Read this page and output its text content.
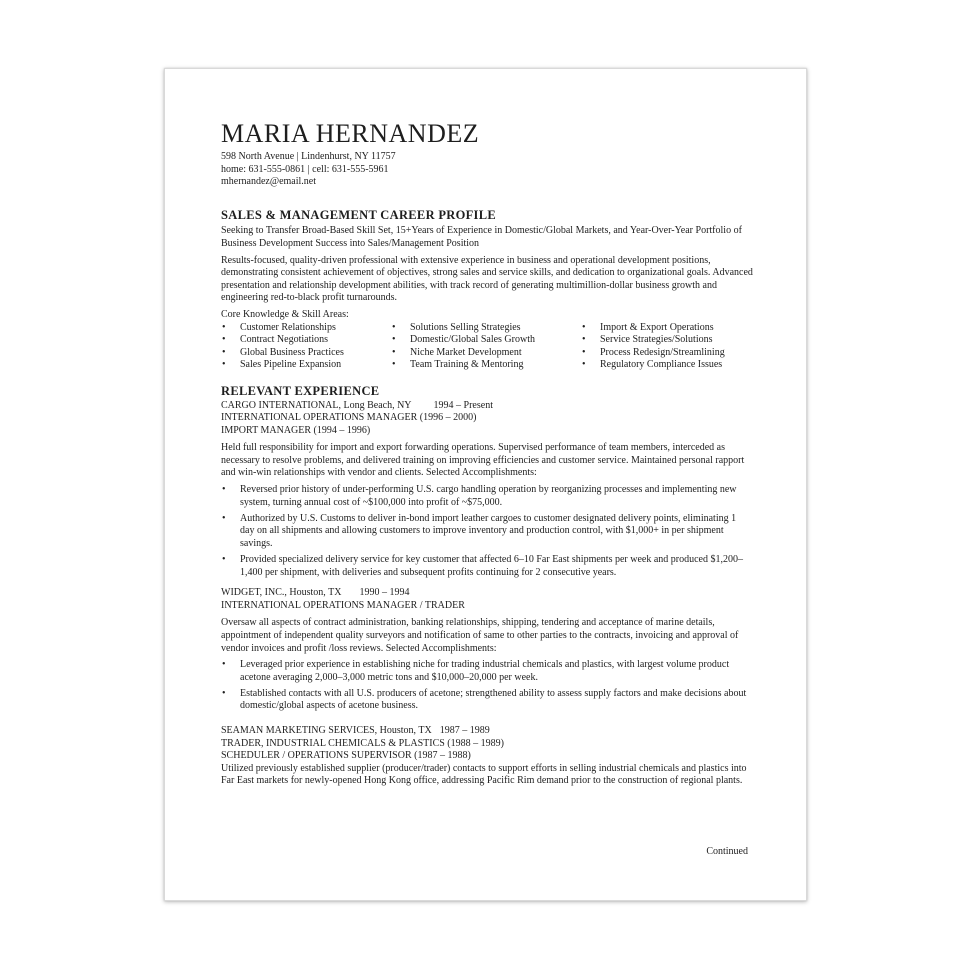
MARIA HERNANDEZ
598 North Avenue | Lindenhurst, NY 11757
home: 631-555-0861 | cell: 631-555-5961
mhernandez@email.net
SALES & MANAGEMENT CAREER PROFILE

Seeking to Transfer Broad-Based Skill Set, 15+Years of Experience in Domestic/Global Markets, and Year-Over-Year Portfolio of Business Development Success into Sales/Management Position

Results-focused, quality-driven professional with extensive experience in business and operational development positions, demonstrating consistent achievement of objectives, strong sales and service skills, and dedication to organizational goals. Advanced presentation and relationship development abilities, with track record of generating multimillion-dollar business growth and engineering red-to-black profit turnarounds.

Core Knowledge & Skill Areas:
• Customer Relationships
• Contract Negotiations
• Global Business Practices
• Sales Pipeline Expansion
• Solutions Selling Strategies
• Domestic/Global Sales Growth
• Niche Market Development
• Team Training & Mentoring
• Import & Export Operations
• Service Strategies/Solutions
• Process Redesign/Streamlining
• Regulatory Compliance Issues
RELEVANT EXPERIENCE
CARGO INTERNATIONAL, Long Beach, NY 1994 – Present
INTERNATIONAL OPERATIONS MANAGER (1996 – 2000)
IMPORT MANAGER (1994 – 1996)

Held full responsibility for import and export forwarding operations. Supervised performance of team members, interceded as necessary to resolve problems, and delivered training on improving efficiencies and customer service. Maintained personal rapport and win-win relationships with vendor and clients. Selected Accomplishments:

• Reversed prior history of under-performing U.S. cargo handling operation by reorganizing processes and implementing new system, turning annual cost of ~$100,000 into profit of ~$75,000.
• Authorized by U.S. Customs to deliver in-bond import leather cargoes to customer designated delivery points, eliminating 1 day on all shipments and allowing customers to improve inventory and production control, with $1,000+ in per shipment savings.
• Provided specialized delivery service for key customer that affected 6–10 Far East shipments per week and produced $1,200–1,400 per shipment, with deliveries and subsequent profits continuing for 2 consecutive years.
WIDGET, INC., Houston, TX 1990 – 1994
INTERNATIONAL OPERATIONS MANAGER / TRADER

Oversaw all aspects of contract administration, banking relationships, shipping, tendering and acceptance of marine details, appointment of independent quality surveyors and notification of same to other parties to the contracts, invoicing and approval of vendor invoices and profit /loss reviews. Selected Accomplishments:

• Leveraged prior experience in establishing niche for trading industrial chemicals and plastics, with largest volume product acetone averaging 2,000–3,000 metric tons and $10,000–20,000 per week.
• Established contacts with all U.S. producers of acetone; strengthened ability to assess supply factors and make decisions about domestic/global aspects of acetone business.
SEAMAN MARKETING SERVICES, Houston, TX 1987 – 1989
TRADER, INDUSTRIAL CHEMICALS & PLASTICS (1988 – 1989)
SCHEDULER / OPERATIONS SUPERVISOR (1987 – 1988)

Utilized previously established supplier (producer/trader) contacts to support efforts in selling industrial chemicals and plastics into Far East markets for newly-opened Hong Kong office, addressing Pacific Rim demand prior to the construction of regional plants.

Continued
